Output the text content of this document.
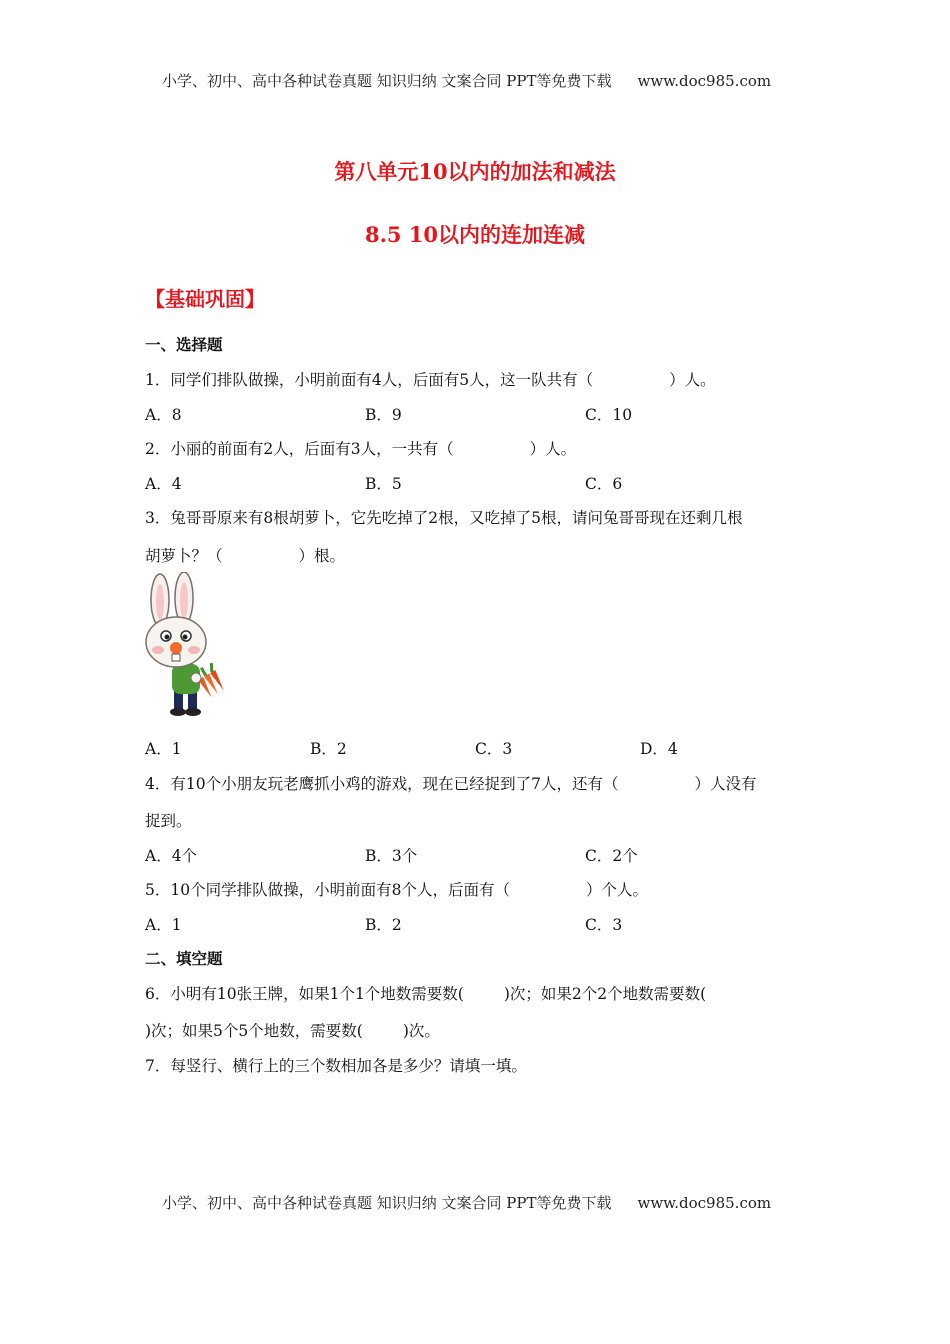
小学、初中、高中各种试卷真题 知识归纳 文案合同 PPT等免费下载 www.doc985.com
第八单元10以内的加法和减法
8.5 10以内的连加连减
【基础巩固】
一、选择题
1．同学们排队做操，小明前面有4人，后面有5人，这一队共有（	）人。
A．8	B．9	C．10
2．小丽的前面有2人，后面有3人，一共有（	）人。
A．4	B．5	C．6
3．兔哥哥原来有8根胡萝卜，它先吃掉了2根，又吃掉了5根，请问兔哥哥现在还剩几根
胡萝卜？（	）根。
A．1	B．2	C．3	D．4
4．有10个小朋友玩老鹰抓小鸡的游戏，现在已经捉到了7人，还有（	）人没有
捉到。
A．4个	B．3个	C．2个
5．10个同学排队做操，小明前面有8个人，后面有（	）个人。
A．1	B．2	C．3
二、填空题
6．小明有10张王牌，如果1个1个地数需要数(	)次；如果2个2个地数需要数(
)次；如果5个5个地数，需要数(	)次。
7．每竖行、横行上的三个数相加各是多少？请填一填。
小学、初中、高中各种试卷真题 知识归纳 文案合同 PPT等免费下载 www.doc985.com
